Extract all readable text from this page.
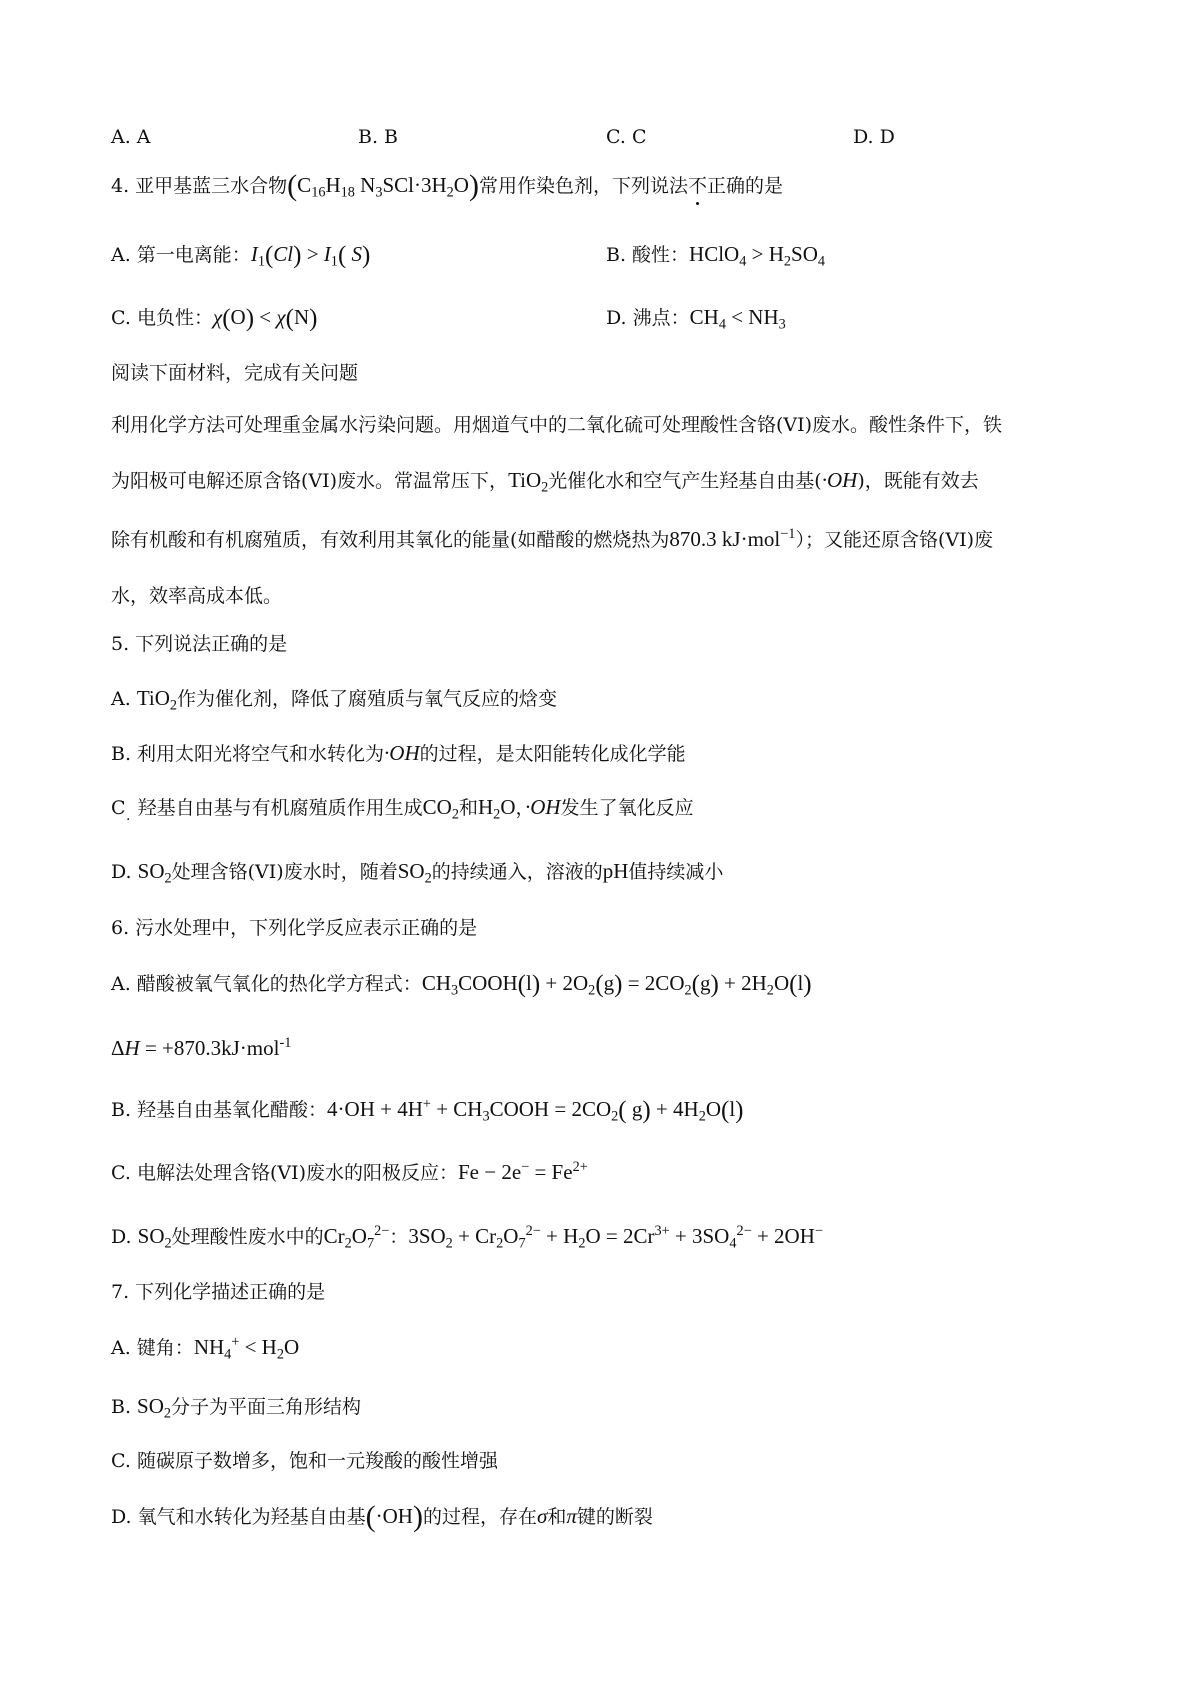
A. A	B. B	C. C	D. D
4. 亚甲基蓝三水合物($C_{16}H_{18}$ $N_3SCl\cdot 3H_2O$)常用作染色剂，下列说法不正确的是
A. 第一电离能：$I_1(Cl) > I_1$( S)	B. 酸性：HClO$_4$ > $H_2SO_4$
C. 电负性：χ(O) < χ(N)	D. 沸点：$CH_4 < NH_3$
阅读下面材料，完成有关问题
利用化学方法可处理重金属水污染问题。用烟道气中的二氧化硫可处理酸性含铬(VI)废水。酸性条件下，铁
为阳极可电解还原含铬(VI)废水。常温常压下，TiO$_2$光催化水和空气产生羟基自由基(·OH)，既能有效去
除有机酸和有机腐殖质，有效利用其氧化的能量(如醋酸的燃烧热为870.3 kJ·mol$^{-1}$）；又能还原含铬(VI)废
水，效率高成本低。
5. 下列说法正确的是
A. TiO$_2$作为催化剂，降低了腐殖质与氧气反应的焓变
B. 利用太阳光将空气和水转化为·OH的过程，是太阳能转化成化学能
C 羟基自由基与有机腐殖质作用生成$CO_2$和$H_2O$，·OH发生了氧化反应
·
D. $SO_2$处理含铬(VI)废水时，随着$SO_2$的持续通入，溶液的pH值持续减小
6. 污水处理中，下列化学反应表示正确的是
A. 醋酸被氧气氧化的热化学方程式：$CH_3COOH(l) + 2O_2(g) = 2CO_2(g) + 2H_2O(l)$
ΔH = +870.3kJ·mol$^{-1}$
B. 羟基自由基氧化醋酸：$4\cdot OH + 4H^+ + CH_3COOH = 2CO_2$( $g) + 4H_2O(l)$
C. 电解法处理含铬(VI)废水的阳极反应：$Fe - 2e^- = Fe^{2+}$
D. $SO_2$处理酸性废水中的$Cr_2O_7^{2-}$：$3SO_2 + Cr_2O_7^{2-} + H_2O = 2Cr^{3+} + 3SO_4^{2-} + 2OH^-$
7. 下列化学描述正确的是
A. 键角：$NH_4^+ < H_2O$
B. $SO_2$分子为平面三角形结构
C. 随碳原子数增多，饱和一元羧酸的酸性增强
D. 氧气和水转化为羟基自由基(·OH)的过程，存在σ和π键的断裂
